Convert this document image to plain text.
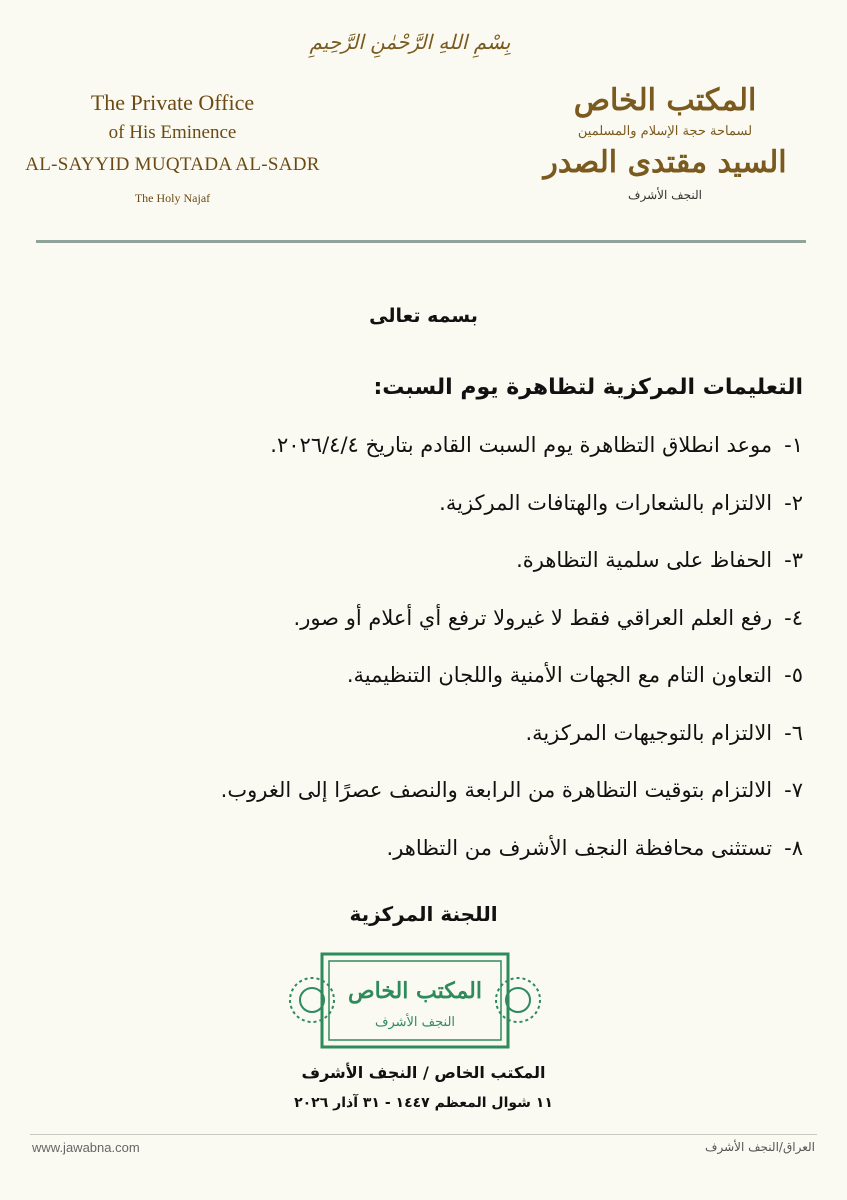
بِسْمِ اللهِ الرَّحْمٰنِ الرَّحِيمِ
The Private Office
of His Eminence
AL-SAYYID MUQTADA AL-SADR
The Holy Najaf
المكتب الخاص
لسماحة حجة الإسلام والمسلمين
السيد مقتدى الصدر
النجف الأشرف
بسمه تعالى
التعليمات المركزية لتظاهرة يوم السبت:
١-موعد انطلاق التظاهرة يوم السبت القادم بتاريخ ٢٠٢٦/٤/٤.
٢-الالتزام بالشعارات والهتافات المركزية.
٣-الحفاظ على سلمية التظاهرة.
٤-رفع العلم العراقي فقط لا غيرولا ترفع أي أعلام أو صور.
٥-التعاون التام مع الجهات الأمنية واللجان التنظيمية.
٦-الالتزام بالتوجيهات المركزية.
٧-الالتزام بتوقيت التظاهرة من الرابعة والنصف عصرًا إلى الغروب.
٨-تستثنى محافظة النجف الأشرف من التظاهر.
اللجنة المركزية
المكتب الخاص
النجف الأشرف
المكتب الخاص / النجف الأشرف
١١ شوال المعظم ١٤٤٧ - ٣١ آذار ٢٠٢٦
www.jawabna.com	العراق/النجف الأشرف
